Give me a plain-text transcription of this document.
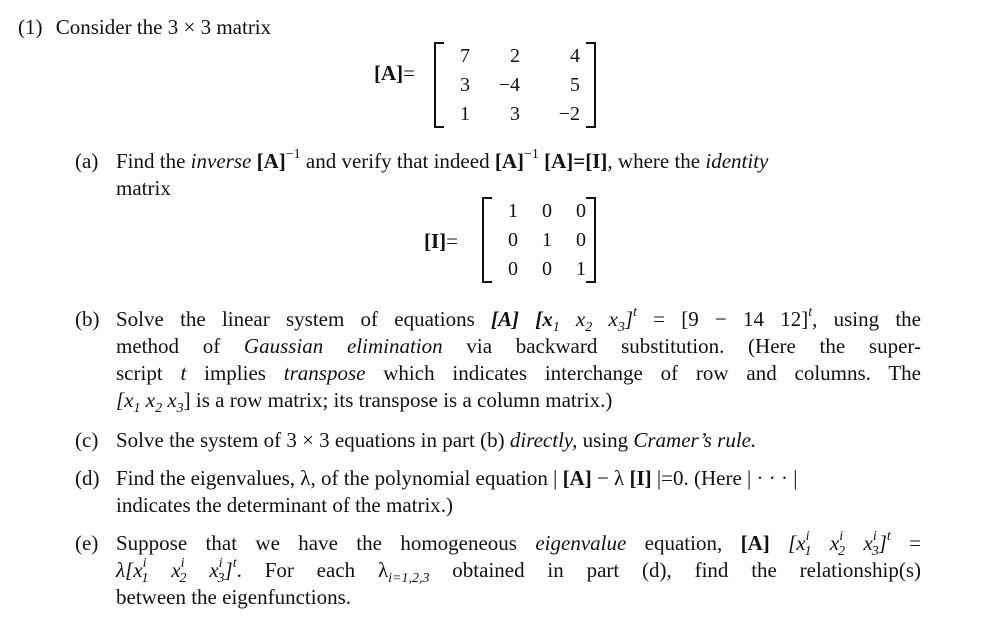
(1) Consider the 3 × 3 matrix
[A]=
7	2	4
3	−4	5
1	3	−2
(a) Find the inverse $[A]^{-1}$ and verify that indeed $[A]^{-1}$ [A]=[I], where the identity
matrix
[I]=
1	0	0
0	1	0
0	0	1
(b) Solve the linear system of equations [A] [$x_1$ $x_2$ $x_3]^t = [9 - 14$ 12]$^t$, using the
method of Gaussian elimination via backward substitution. (Here the super-
script t implies transpose which indicates interchange of row and columns. The
[$x_1$ $x_2$ $x_3$] is a row matrix; its transpose is a column matrix.)
(c) Solve the system of 3 × 3 equations in part (b) directly, using Cramer’s rule.
(d) Find the eigenvalues, λ, of the polynomial equation | [A] − λ [I] |=0. (Here | · · · |
indicates the determinant of the matrix.)
(e) Suppose that we have the homogeneous eigenvalue equation, [A] [$x^i_1$ $x^i_2$ $x^i_3]^t$ =
$\lambda[x^i_1$ $x^i_2$ $x^i_3]^t$. For each $\lambda_{i=1,2,3}$ obtained in part (d), find the relationship(s)
between the eigenfunctions.
